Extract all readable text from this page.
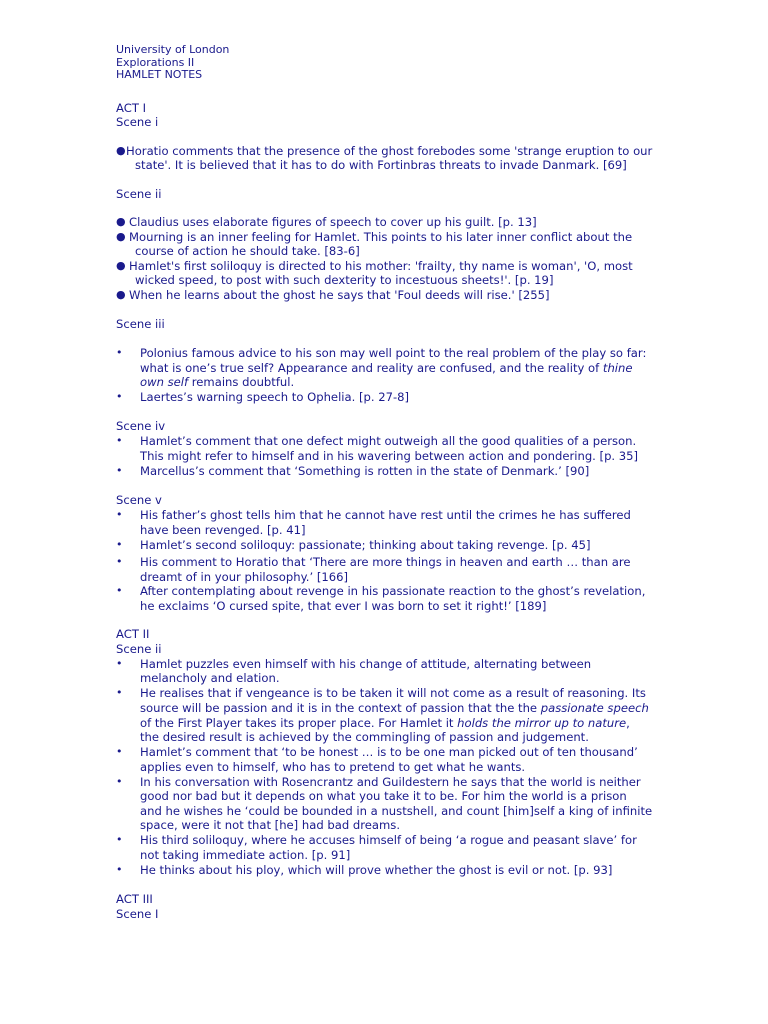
University of London
Explorations II
HAMLET NOTES
ACT I
Scene i
● Horatio comments that the presence of the ghost forebodes some 'strange eruption to our
state'. It is believed that it has to do with Fortinbras threats to invade Danmark. [69]
Scene ii
● Claudius uses elaborate figures of speech to cover up his guilt. [p. 13]
● Mourning is an inner feeling for Hamlet. This points to his later inner conflict about the
course of action he should take. [83-6]
● Hamlet's first soliloquy is directed to his mother: 'frailty, thy name is woman', 'O, most
wicked speed, to post with such dexterity to incestuous sheets!'. [p. 19]
● When he learns about the ghost he says that 'Foul deeds will rise.' [255]
Scene iii
• Polonius famous advice to his son may well point to the real problem of the play so far:
what is one’s true self? Appearance and reality are confused, and the reality of thine
own self remains doubtful.
• Laertes’s warning speech to Ophelia. [p. 27-8]
Scene iv
• Hamlet’s comment that one defect might outweigh all the good qualities of a person.
This might refer to himself and in his wavering between action and pondering. [p. 35]
• Marcellus’s comment that ‘Something is rotten in the state of Denmark.’ [90]
Scene v
• His father’s ghost tells him that he cannot have rest until the crimes he has suffered
have been revenged. [p. 41]
• Hamlet’s second soliloquy: passionate; thinking about taking revenge. [p. 45]
• His comment to Horatio that ‘There are more things in heaven and earth … than are
dreamt of in your philosophy.’ [166]
• After contemplating about revenge in his passionate reaction to the ghost’s revelation,
he exclaims ‘O cursed spite, that ever I was born to set it right!’ [189]
ACT II
Scene ii
• Hamlet puzzles even himself with his change of attitude, alternating between
melancholy and elation.
• He realises that if vengeance is to be taken it will not come as a result of reasoning. Its
source will be passion and it is in the context of passion that the the passionate speech
of the First Player takes its proper place. For Hamlet it holds the mirror up to nature,
the desired result is achieved by the commingling of passion and judgement.
• Hamlet’s comment that ‘to be honest … is to be one man picked out of ten thousand’
applies even to himself, who has to pretend to get what he wants.
• In his conversation with Rosencrantz and Guildestern he says that the world is neither
good nor bad but it depends on what you take it to be. For him the world is a prison
and he wishes he ‘could be bounded in a nustshell, and count [him]self a king of infinite
space, were it not that [he] had bad dreams.
• His third soliloquy, where he accuses himself of being ‘a rogue and peasant slave’ for
not taking immediate action. [p. 91]
• He thinks about his ploy, which will prove whether the ghost is evil or not. [p. 93]
ACT III
Scene I
